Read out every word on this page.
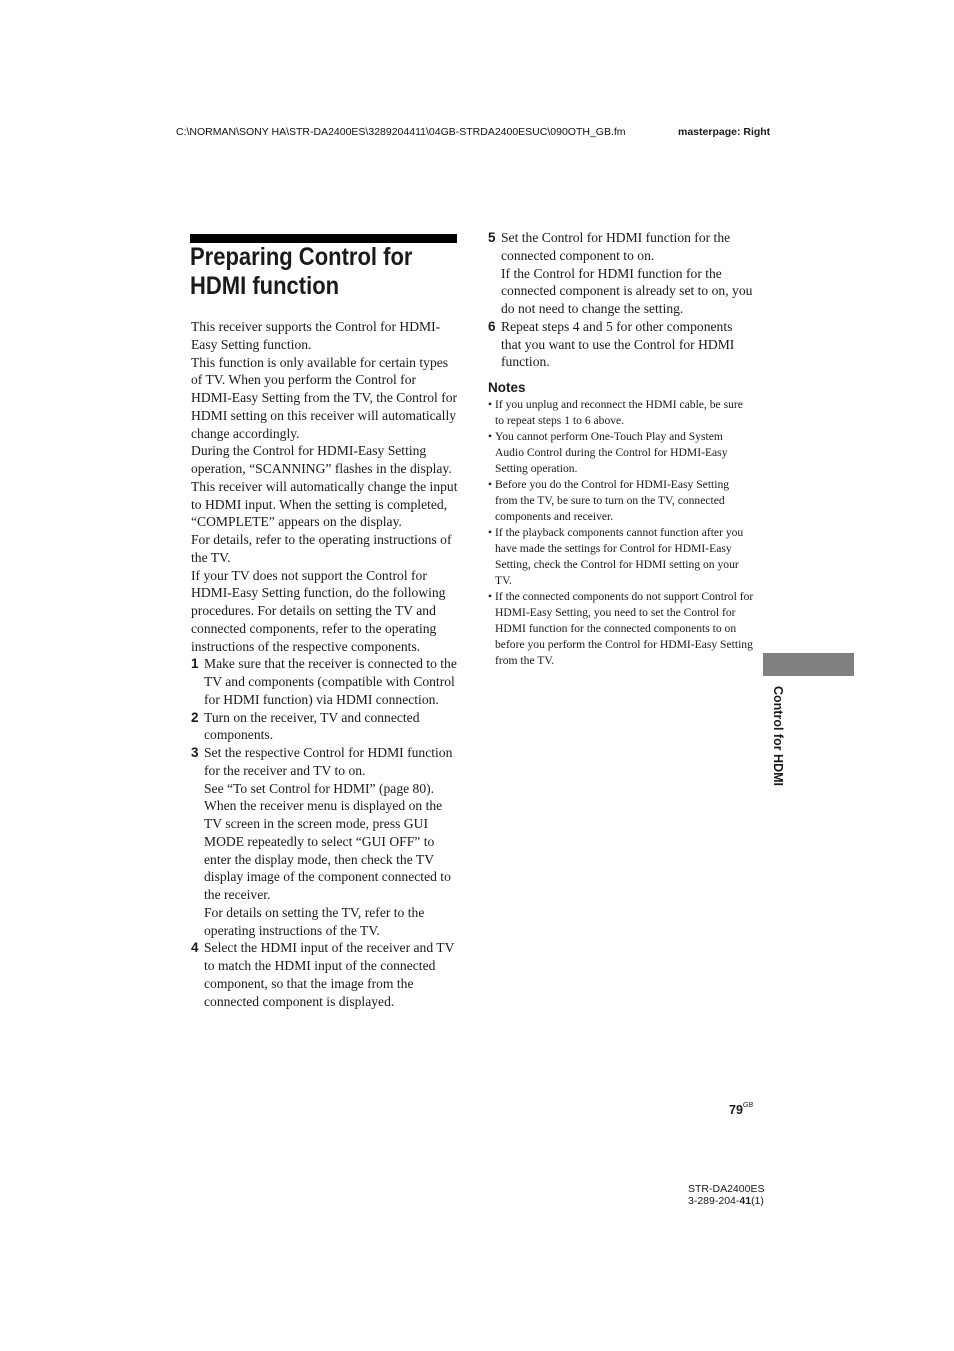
C:\NORMAN\SONY HA\STR-DA2400ES\3289204411\04GB-STRDA2400ESUC\090OTH_GB.fm	masterpage: Right
Preparing Control for
HDMI function

This receiver supports the Control for HDMI-Easy Setting function.

This function is only available for certain types of TV. When you perform the Control for HDMI-Easy Setting from the TV, the Control for HDMI setting on this receiver will automatically change accordingly.

During the Control for HDMI-Easy Setting operation, “SCANNING” flashes in the display.

This receiver will automatically change the input to HDMI input. When the setting is completed, “COMPLETE” appears on the display.

For details, refer to the operating instructions of the TV.

If your TV does not support the Control for HDMI-Easy Setting function, do the following procedures. For details on setting the TV and connected components, refer to the operating instructions of the respective components.

1 Make sure that the receiver is connected to the TV and components (compatible with Control for HDMI function) via HDMI connection.

2 Turn on the receiver, TV and connected components.

3 Set the respective Control for HDMI function for the receiver and TV to on.

See “To set Control for HDMI” (page 80).

When the receiver menu is displayed on the TV screen in the screen mode, press GUI MODE repeatedly to select “GUI OFF” to enter the display mode, then check the TV display image of the component connected to the receiver.

For details on setting the TV, refer to the operating instructions of the TV.

4 Select the HDMI input of the receiver and TV to match the HDMI input of the connected component, so that the image from the connected component is displayed.

5 Set the Control for HDMI function for the connected component to on.

If the Control for HDMI function for the connected component is already set to on, you do not need to change the setting.

6 Repeat steps 4 and 5 for other components that you want to use the Control for HDMI function.

Notes
• If you unplug and reconnect the HDMI cable, be sure to repeat steps 1 to 6 above.
• You cannot perform One-Touch Play and System Audio Control during the Control for HDMI-Easy Setting operation.
• Before you do the Control for HDMI-Easy Setting from the TV, be sure to turn on the TV, connected components and receiver.
• If the playback components cannot function after you have made the settings for Control for HDMI-Easy Setting, check the Control for HDMI setting on your TV.
• If the connected components do not support Control for HDMI-Easy Setting, you need to set the Control for HDMI function for the connected components to on before you perform the Control for HDMI-Easy Setting from the TV.
Control for HDMI
$79^{GB}$
STR-DA2400ES
3-289-204-41(1)
